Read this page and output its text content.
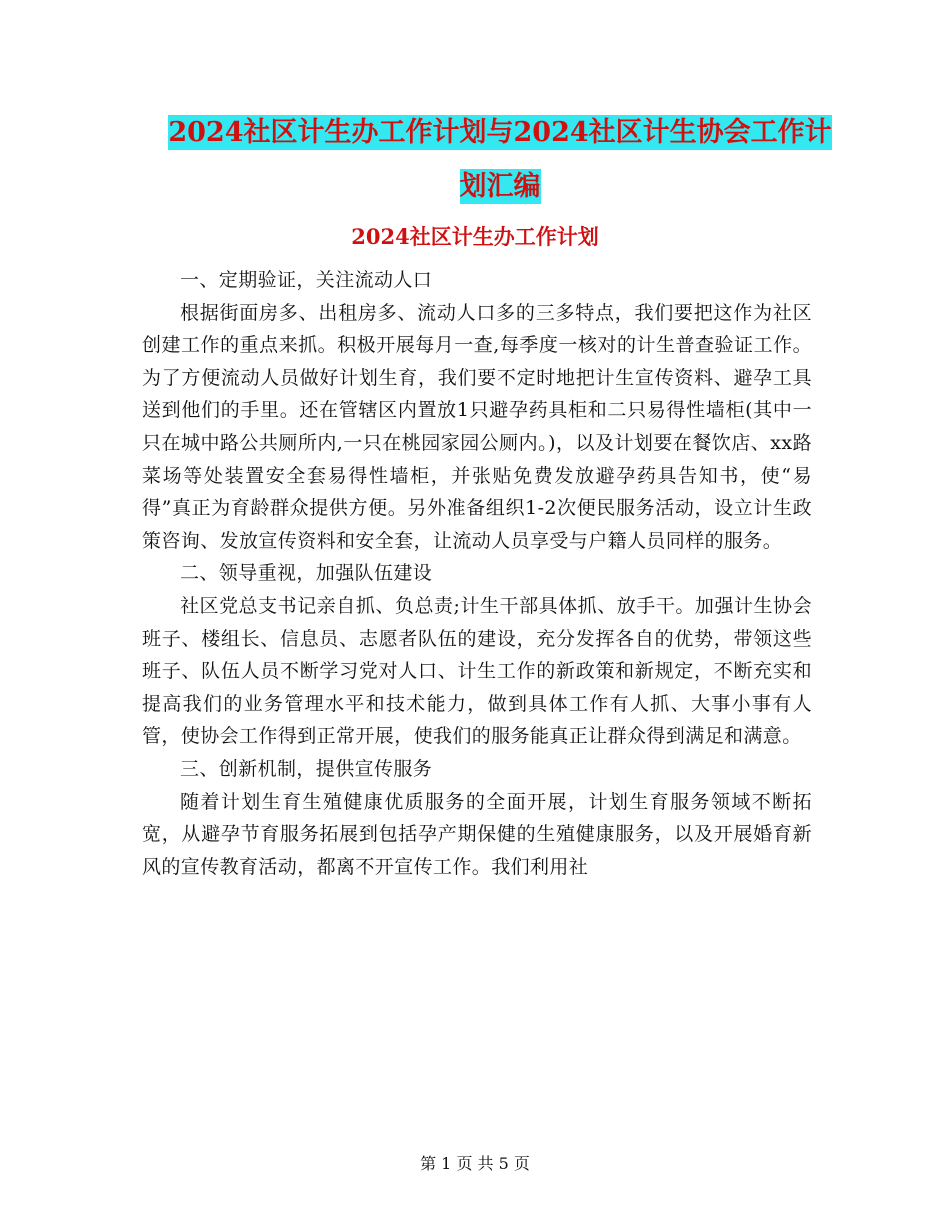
2024社区计生办工作计划与2024社区计生协会工作计
划汇编
2024社区计生办工作计划

一、定期验证，关注流动人口

根据街面房多、出租房多、流动人口多的三多特点，我们要把这作为社区创建工作的重点来抓。积极开展每月一查,每季度一核对的计生普查验证工作。为了方便流动人员做好计划生育，我们要不定时地把计生宣传资料、避孕工具送到他们的手里。还在管辖区内置放1只避孕药具柜和二只易得性墙柜(其中一只在城中路公共厕所内,一只在桃园家园公厕内。)，以及计划要在餐饮店、xx路菜场等处装置安全套易得性墙柜，并张贴免费发放避孕药具告知书，使“易得”真正为育龄群众提供方便。另外准备组织1-2次便民服务活动，设立计生政策咨询、发放宣传资料和安全套，让流动人员享受与户籍人员同样的服务。

二、领导重视，加强队伍建设

社区党总支书记亲自抓、负总责;计生干部具体抓、放手干。加强计生协会班子、楼组长、信息员、志愿者队伍的建设，充分发挥各自的优势，带领这些班子、队伍人员不断学习党对人口、计生工作的新政策和新规定，不断充实和提高我们的业务管理水平和技术能力，做到具体工作有人抓、大事小事有人管，使协会工作得到正常开展，使我们的服务能真正让群众得到满足和满意。

三、创新机制，提供宣传服务

随着计划生育生殖健康优质服务的全面开展，计划生育服务领域不断拓宽，从避孕节育服务拓展到包括孕产期保健的生殖健康服务，以及开展婚育新风的宣传教育活动，都离不开宣传工作。我们利用社

第 1 页 共 5 页
